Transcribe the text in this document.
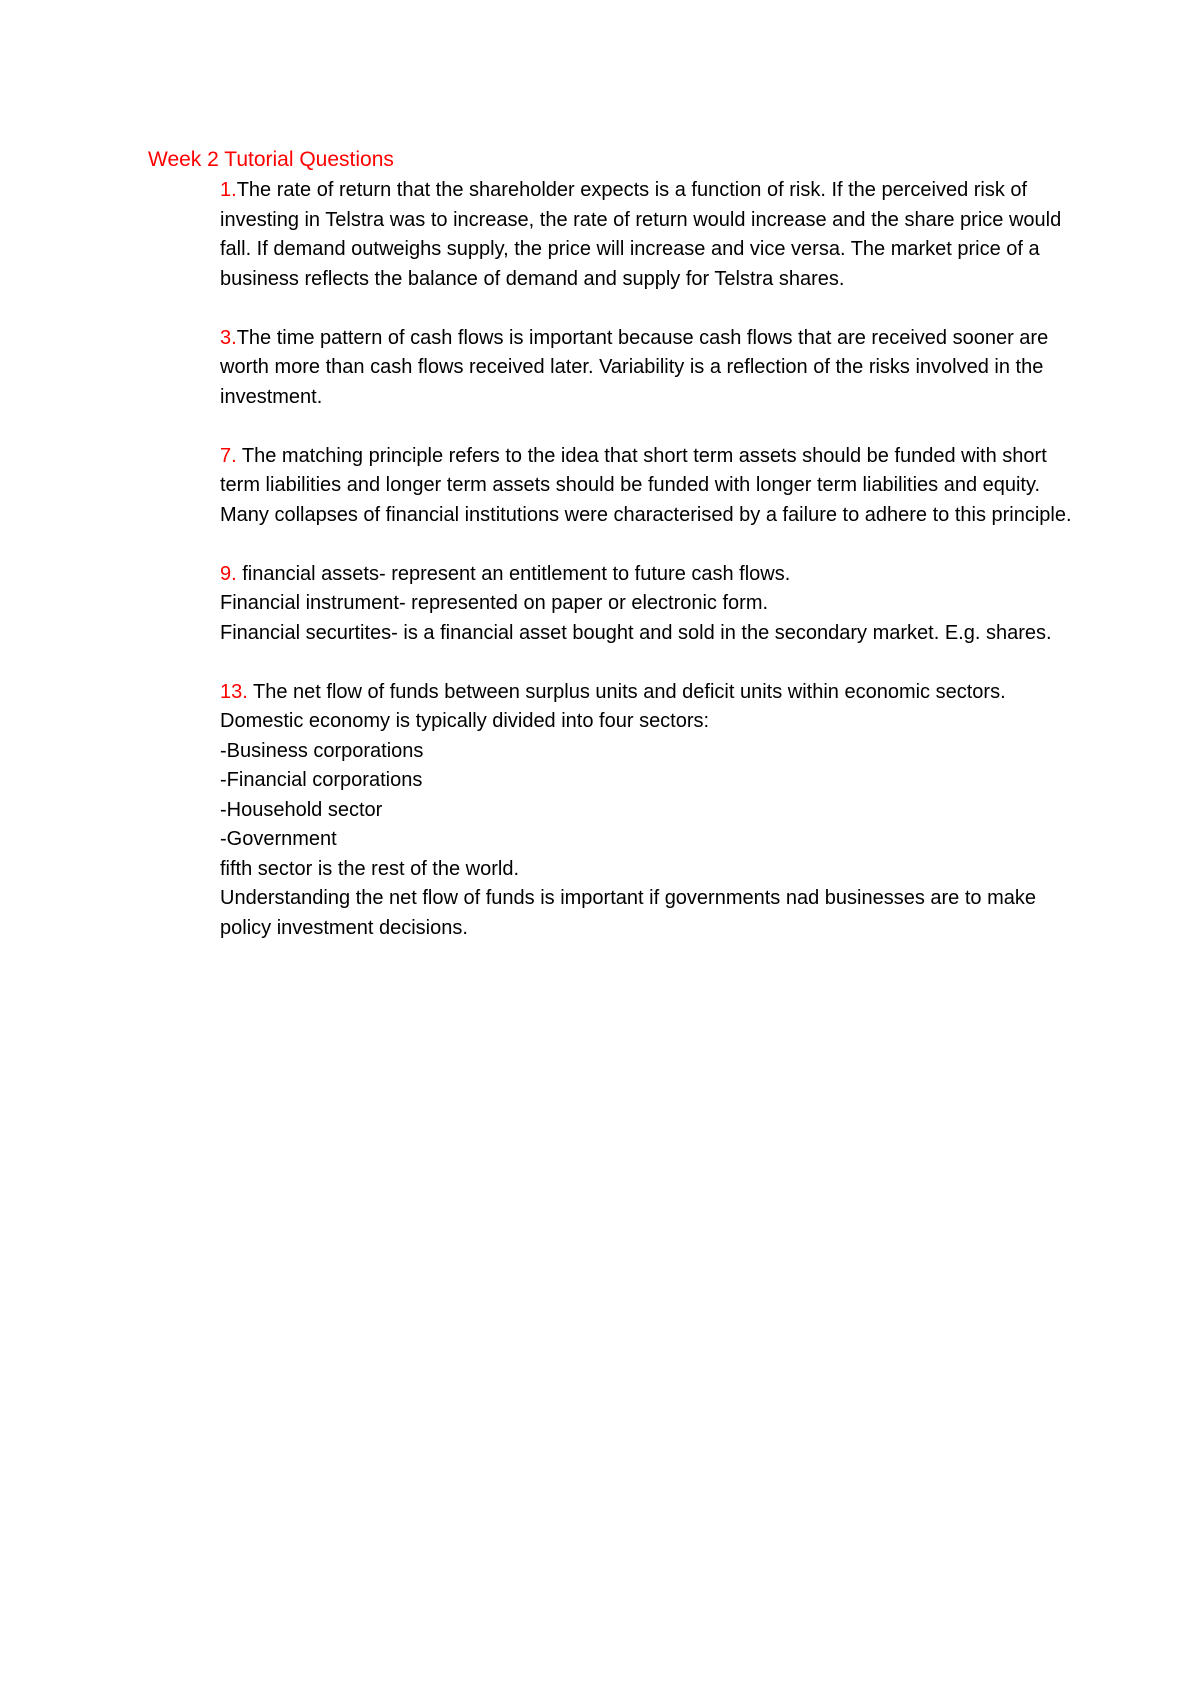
Week 2 Tutorial Questions

1.The rate of return that the shareholder expects is a function of risk. If the perceived risk of investing in Telstra was to increase, the rate of return would increase and the share price would fall. If demand outweighs supply, the price will increase and vice versa. The market price of a business reflects the balance of demand and supply for Telstra shares.

3.The time pattern of cash flows is important because cash flows that are received sooner are worth more than cash flows received later. Variability is a reflection of the risks involved in the investment.

7. The matching principle refers to the idea that short term assets should be funded with short term liabilities and longer term assets should be funded with longer term liabilities and equity. Many collapses of financial institutions were characterised by a failure to adhere to this principle.

9. financial assets- represent an entitlement to future cash flows.

Financial instrument- represented on paper or electronic form.

Financial securtites- is a financial asset bought and sold in the secondary market. E.g. shares.

13. The net flow of funds between surplus units and deficit units within economic sectors.

Domestic economy is typically divided into four sectors:

-Business corporations

-Financial corporations

-Household sector

-Government

fifth sector is the rest of the world.

Understanding the net flow of funds is important if governments nad businesses are to make policy investment decisions.
